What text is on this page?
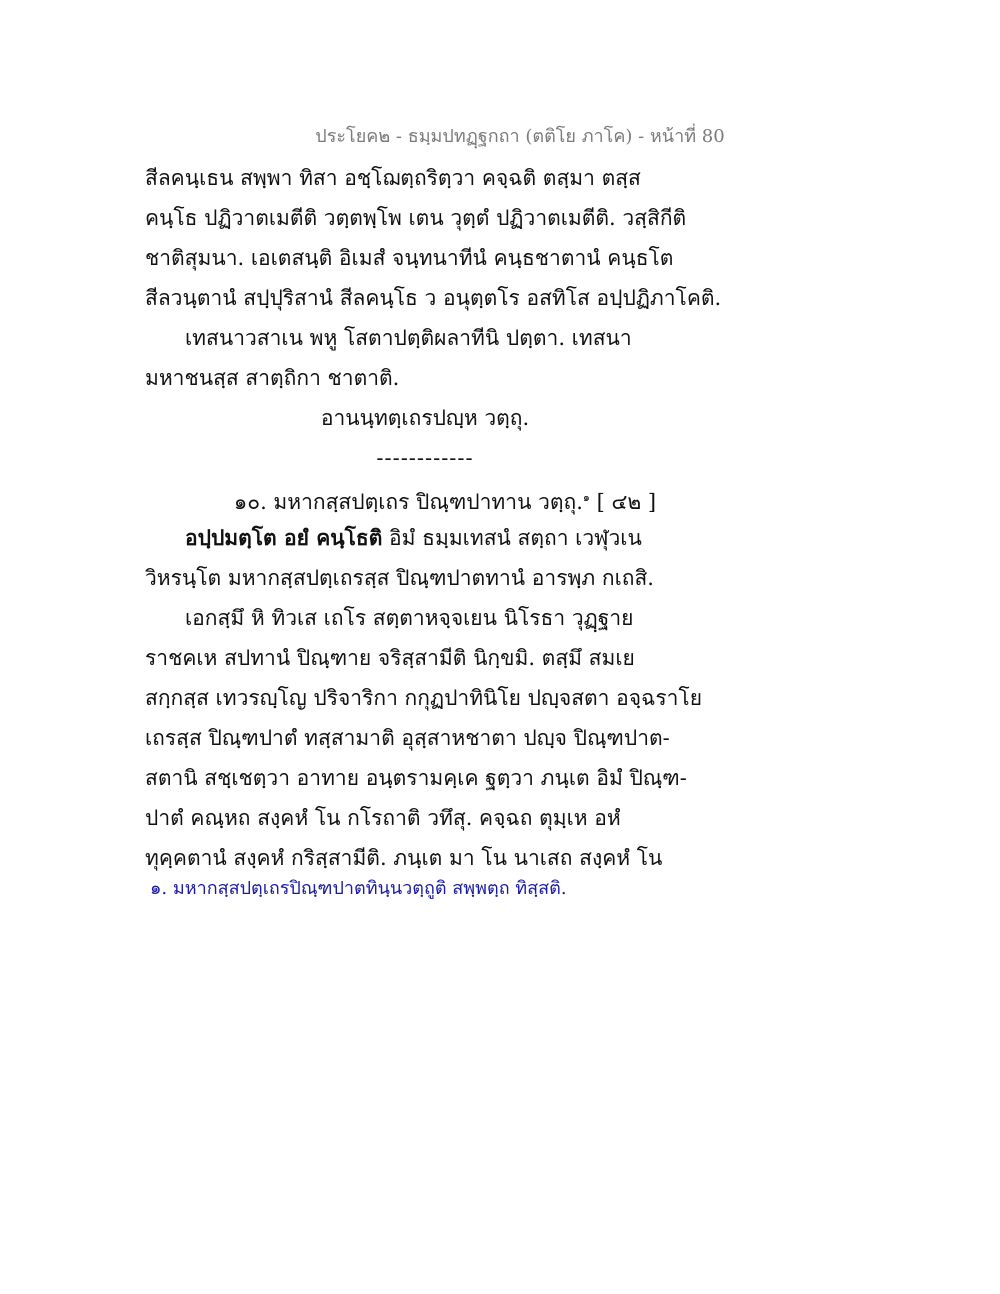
ประโยค๒ - ธมฺมปทฏฺฐกถา (ตติโย ภาโค) - หน้าที่ 80
สีลคนฺเธน สพฺพา ทิสา อชฺโฌตฺถริตฺวา คจฺฉติ ตสฺมา ตสฺส
คนฺโธ ปฏิวาตเมตีติ วตฺตพฺโพ เตน วุตฺตํ ปฏิวาตเมตีติ. วสฺสิกีติ
ชาติสุมนา. เอเตสนฺติ อิเมสํ จนฺทนาทีนํ คนฺธชาตานํ คนฺธโต
สีลวนฺตานํ สปฺปุริสานํ สีลคนฺโธ ว อนุตฺตโร อสทิโส อปฺปฏิภาโคติ.
เทสนาวสาเน พหู โสตาปตฺติผลาทีนิ ปตฺตา. เทสนา
มหาชนสฺส สาตฺถิกา ชาตาติ.
อานนฺทตฺเถรปญฺห วตฺถุ.
------------
๑๐. มหากสฺสปตฺเถร ปิณฺฑปาทาน วตฺถุ.$^๑$ [ ๔๒ ]
อปฺปมตฺโต อยํ คนฺโธติ อิมํ ธมฺมเทสนํ สตฺถา เวฬุวเน
วิหรนฺโต มหากสฺสปตฺเถรสฺส ปิณฺฑปาตทานํ อารพฺภ กเถสิ.
เอกสฺมึ หิ ทิวเส เถโร สตฺตาหจฺจเยน นิโรธา วุฏฺฐาย
ราชคเห สปทานํ ปิณฺฑาย จริสฺสามีติ นิกฺขมิ. ตสฺมึ สมเย
สกฺกสฺส เทวรญฺโญ ปริจาริกา กกุฏปาทินิโย ปญฺจสตา อจฺฉราโย
เถรสฺส ปิณฺฑปาตํ ทสฺสามาติ อุสฺสาหชาตา ปญฺจ ปิณฺฑปาต-
สตานิ สชฺเชตฺวา อาทาย อนฺตรามคฺเค ฐตฺวา ภนฺเต อิมํ ปิณฺฑ-
ปาตํ คณฺหถ สงฺคหํ โน กโรถาติ วทึสุ. คจฺฉถ ตุมฺเห อหํ
ทุคฺคตานํ สงฺคหํ กริสฺสามีติ. ภนฺเต มา โน นาเสถ สงฺคหํ โน
๑. มหากสฺสปตฺเถรปิณฺฑปาตทินฺนวตฺถูติ สพฺพตฺถ ทิสฺสติ.
